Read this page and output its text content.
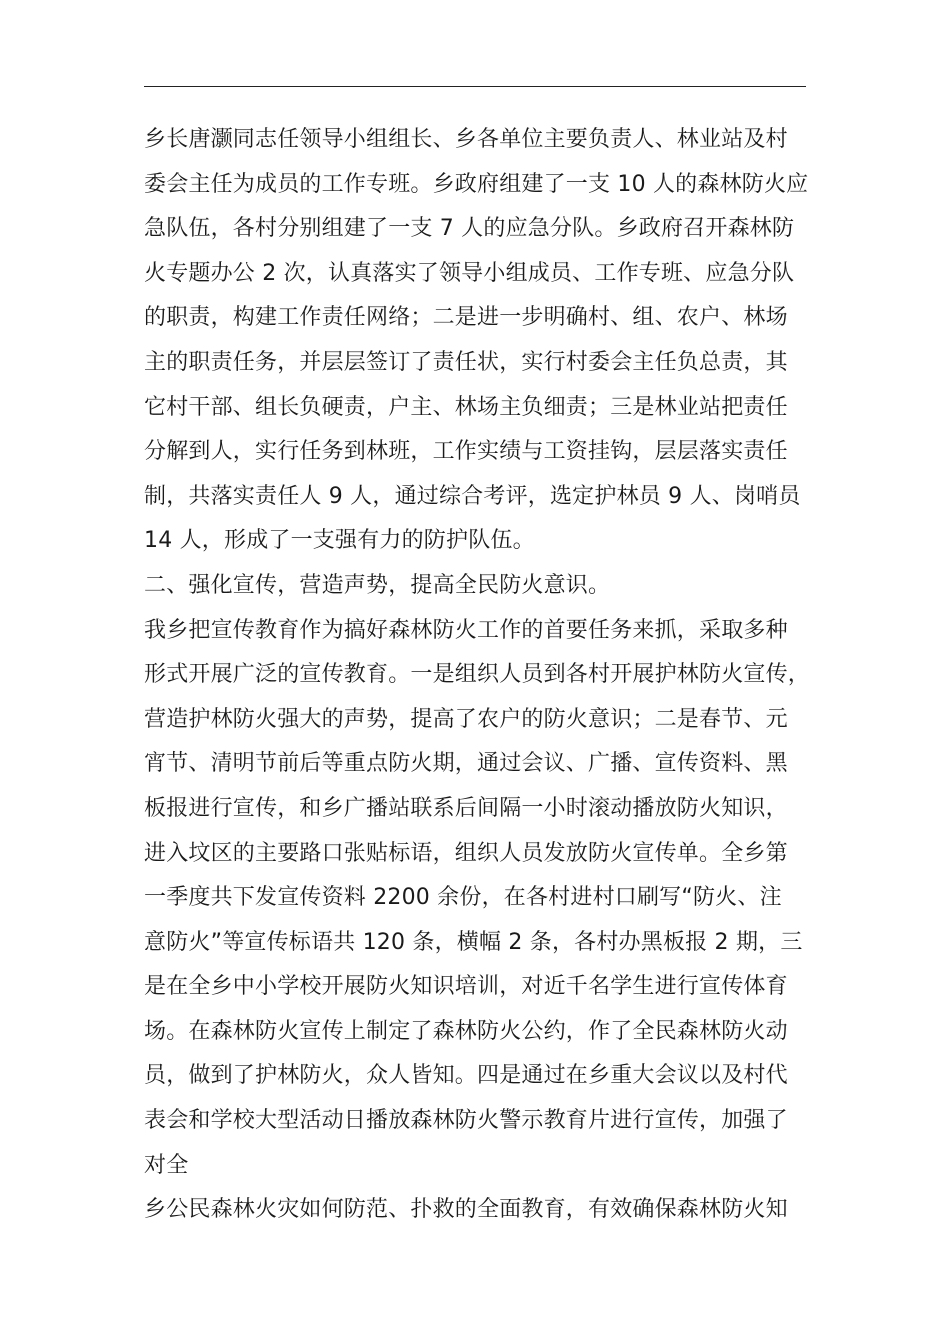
乡长唐灏同志任领导小组组长、乡各单位主要负责人、林业站及村
委会主任为成员的工作专班。乡政府组建了一支 10 人的森林防火应
急队伍，各村分别组建了一支 7 人的应急分队。乡政府召开森林防
火专题办公 2 次，认真落实了领导小组成员、工作专班、应急分队
的职责，构建工作责任网络；二是进一步明确村、组、农户、林场
主的职责任务，并层层签订了责任状，实行村委会主任负总责，其
它村干部、组长负硬责，户主、林场主负细责；三是林业站把责任
分解到人，实行任务到林班，工作实绩与工资挂钩，层层落实责任
制，共落实责任人 9 人，通过综合考评，选定护林员 9 人、岗哨员
14 人，形成了一支强有力的防护队伍。
二、强化宣传，营造声势，提高全民防火意识。
我乡把宣传教育作为搞好森林防火工作的首要任务来抓，采取多种
形式开展广泛的宣传教育。一是组织人员到各村开展护林防火宣传，
营造护林防火强大的声势，提高了农户的防火意识；二是春节、元
宵节、清明节前后等重点防火期，通过会议、广播、宣传资料、黑
板报进行宣传，和乡广播站联系后间隔一小时滚动播放防火知识，
进入坟区的主要路口张贴标语，组织人员发放防火宣传单。全乡第
一季度共下发宣传资料 2200 余份，在各村进村口刷写“防火、注
意防火”等宣传标语共 120 条，横幅 2 条，各村办黑板报 2 期，三
是在全乡中小学校开展防火知识培训，对近千名学生进行宣传体育
场。在森林防火宣传上制定了森林防火公约，作了全民森林防火动
员，做到了护林防火，众人皆知。四是通过在乡重大会议以及村代
表会和学校大型活动日播放森林防火警示教育片进行宣传，加强了
对全
乡公民森林火灾如何防范、扑救的全面教育，有效确保森林防火知
